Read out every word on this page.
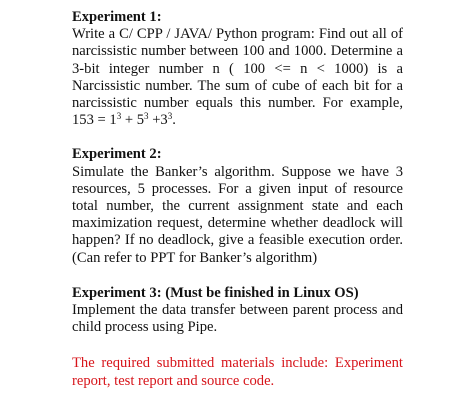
Experiment 1:
Write a C/ CPP / JAVA/ Python program: Find out all of narcissistic number between 100 and 1000. Determine a 3-bit integer number n ( 100 <= n < 1000) is a Narcissistic number. The sum of cube of each bit for a narcissistic number equals this number. For example, $153 = 1^3 + 5^3 +3^3$.
Experiment 2:
Simulate the Banker’s algorithm. Suppose we have 3 resources, 5 processes. For a given input of resource total number, the current assignment state and each maximization request, determine whether deadlock will happen? If no deadlock, give a feasible execution order. (Can refer to PPT for Banker’s algorithm)
Experiment 3: (Must be finished in Linux OS)
Implement the data transfer between parent process and child process using Pipe.
The required submitted materials include: Experiment report, test report and source code.
